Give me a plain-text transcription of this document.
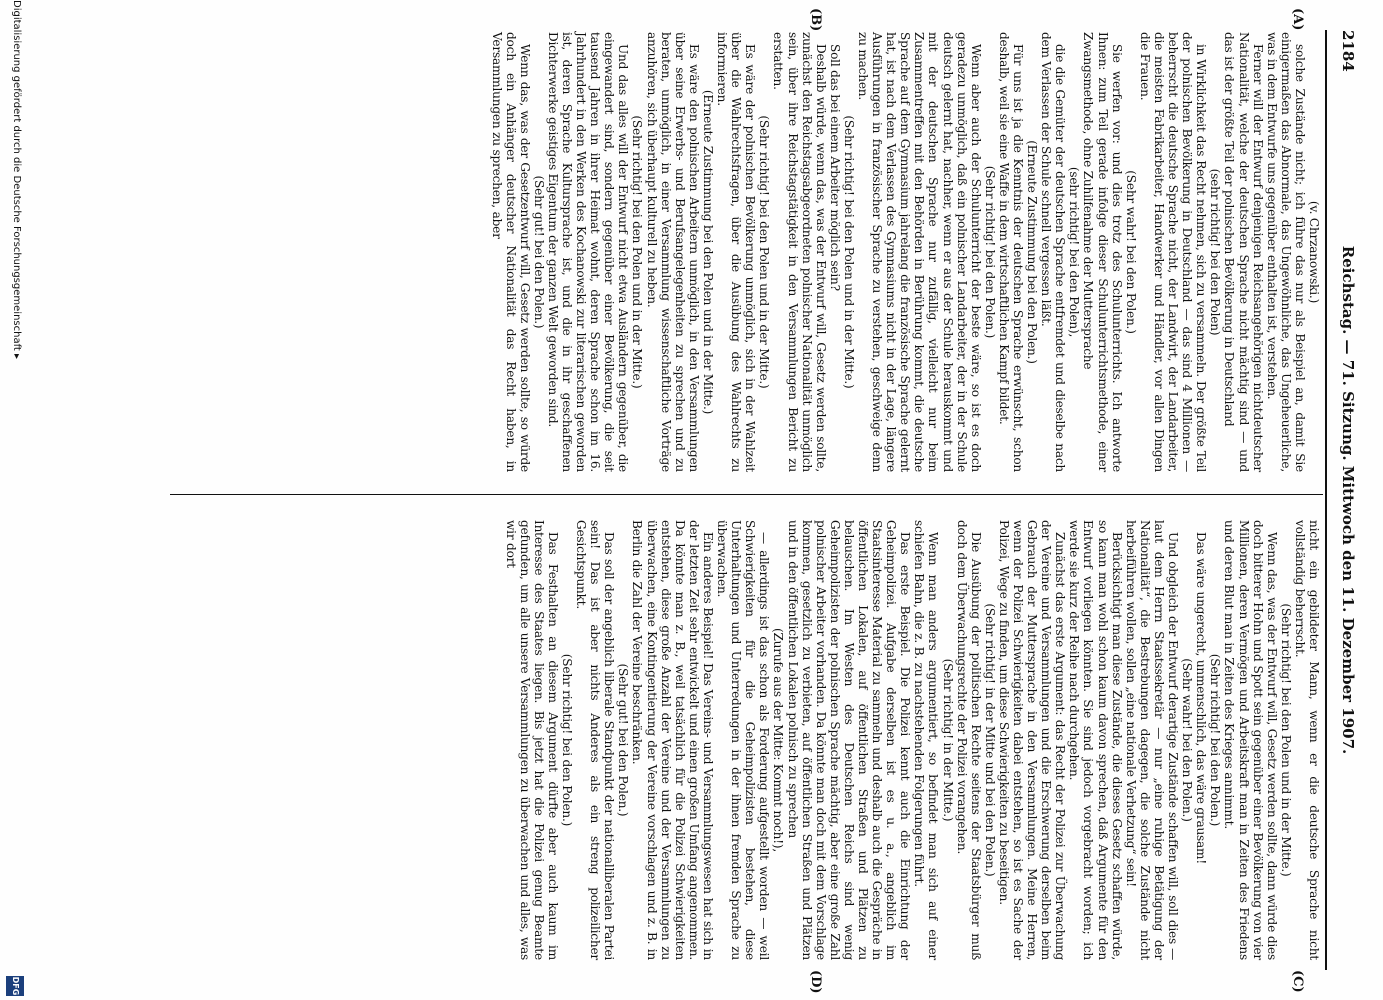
2184
Reichstag. — 71. Sitzung. Mittwoch den 11. Dezember 1907.
(A)
(B)
(C)
(D)

(v. Chrzanowski.)

solche Zustände nicht; ich führe das nur als Beispiel an, damit Sie einigermaßen das Abnormale, das Ungewöhnliche, das Ungeheuerliche, was in dem Entwurfe uns gegenüber enthalten ist, verstehen.

Ferner will der Entwurf denjenigen Reichsangehörigen nichtdeutscher Nationalität, welche der deutschen Sprache nicht mächtig sind — und das ist der größte Teil der polnischen Bevölkerung in Deutschland

(sehr richtig! bei den Polen)

in Wirklichkeit das Recht nehmen, sich zu versammeln. Der größte Teil der polnischen Bevölkerung in Deutschland — das sind 4 Millionen — beherrscht die deutsche Sprache nicht, der Landwirt, der Landarbeiter, die meisten Fabrikarbeiter, Handwerker und Händler, vor allen Dingen die Frauen.

(Sehr wahr! bei den Polen.)

Sie werfen vor: und dies trotz des Schulunterrichts. Ich antworte Ihnen: zum Teil gerade infolge dieser Schulunterrichtsmethode, einer Zwangsmethode, ohne Zuhilfenahme der Muttersprache

(sehr richtig! bei den Polen),

die die Gemüter der deutschen Sprache entfremdet und dieselbe nach dem Verlassen der Schule schnell vergessen läßt.

(Erneute Zustimmung bei den Polen.)

Für uns ist ja die Kenntnis der deutschen Sprache erwünscht, schon deshalb, weil sie eine Waffe in dem wirtschaftlichen Kampf bildet.

(Sehr richtig! bei den Polen.)

Wenn aber auch der Schulunterricht der beste wäre, so ist es doch geradezu unmöglich, daß ein polnischer Landarbeiter, der in der Schule deutsch gelernt hat, nachher, wenn er aus der Schule herauskommt und mit der deutschen Sprache nur zufällig, vielleicht nur beim Zusammentreffen mit den Behörden in Berührung kommt, die deutsche Sprache auf dem Gymnasium jahrelang die französische Sprache gelernt hat, ist nach dem Verlassen des Gymnasiums nicht in der Lage, längere Ausführungen in französischer Sprache zu verstehen, geschweige denn zu machen.

(Sehr richtig! bei den Polen und in der Mitte.)

Soll das bei einem Arbeiter möglich sein?

Deshalb würde, wenn das, was der Entwurf will, Gesetz werden sollte, zunächst den Reichstagsabgeordneten polnischer Nationalität unmöglich sein, über ihre Reichstagstätigkeit in den Versammlungen Bericht zu erstatten.

(Sehr richtig! bei den Polen und in der Mitte.)

Es wäre der polnischen Bevölkerung unmöglich, sich in der Wahlzeit über die Wahlrechtsfragen, über die Ausübung des Wahlrechts zu informieren.

(Erneute Zustimmung bei den Polen und in der Mitte.)

Es wäre den polnischen Arbeitern unmöglich, in den Versammlungen über seine Erwerbs- und Berufsangelegenheiten zu sprechen und zu beraten, unmöglich, in einer Versammlung wissenschaftliche Vorträge anzuhören, sich überhaupt kulturell zu heben.

(Sehr richtig! bei den Polen und in der Mitte.)

Und das alles will der Entwurf nicht etwa Ausländern gegenüber, die eingewandert sind, sondern gegenüber einer Bevölkerung, die seit tausend Jahren in ihrer Heimat wohnt, deren Sprache schon im 16. Jahrhundert in den Werken des Kochanowski zur literarischen geworden ist, deren Sprache Kultursprache ist, und die in ihr geschaffenen Dichterwerke geistiges Eigentum der ganzen Welt geworden sind.

(Sehr gut! bei den Polen.)

Wenn das, was der Gesetzentwurf will, Gesetz werden sollte, so würde doch ein Anhänger deutscher Nationalität das Recht haben, in Versammlungen zu sprechen, aber

nicht ein gebildeter Mann, wenn er die deutsche Sprache nicht vollständig beherrscht.

(Sehr richtig! bei den Polen und in der Mitte.)

Wenn das, was der Entwurf will, Gesetz werden sollte, dann würde dies doch bitterer Hohn und Spott sein gegenüber einer Bevölkerung von vier Millionen, deren Vermögen und Arbeitskraft man in Zeiten des Friedens und deren Blut man in Zeiten des Krieges annimmt.

(Sehr richtig! bei den Polen.)

Das wäre ungerecht, unmenschlich, das wäre grausam!

(Sehr wahr! bei den Polen.)

Und obgleich der Entwurf derartige Zustände schaffen will, soll dies — laut dem Herrn Staatssekretär — nur „eine ruhige Betätigung der Nationalität“, die Bestrebungen dagegen, die solche Zustände nicht herbeiführen wollen, sollen „eine nationale Verhetzung“ sein!

Berücksichtigt man diese Zustände, die dieses Gesetz schaffen würde, so kann man wohl schon kaum davon sprechen, daß Argumente für den Entwurf vorliegen könnten. Sie sind jedoch vorgebracht worden; ich werde sie kurz der Reihe nach durchgehen.

Zunächst das erste Argument: das Recht der Polizei zur Überwachung der Vereine und Versammlungen und die Erschwerung derselben beim Gebrauch der Muttersprache in den Versammlungen. Meine Herren, wenn der Polizei Schwierigkeiten dabei entstehen, so ist es Sache der Polizei, Wege zu finden, um diese Schwierigkeiten zu beseitigen.

(Sehr richtig! in der Mitte und bei den Polen.)

Die Ausübung der politischen Rechte seitens der Staatsbürger muß doch dem Überwachungsrechte der Polizei vorangehen.

(Sehr richtig! in der Mitte.)

Wenn man anders argumentiert, so befindet man sich auf einer schiefen Bahn, die z. B. zu nachstehenden Folgerungen führt.

Das erste Beispiel. Die Polizei kennt auch die Einrichtung der Geheimpolizei. Aufgabe derselben ist es u. a., angeblich im Staatsinteresse Material zu sammeln und deshalb auch die Gespräche in öffentlichen Lokalen, auf öffentlichen Straßen und Plätzen zu belauschen. Im Westen des Deutschen Reichs sind wenig Geheimpolizisten der polnischen Sprache mächtig, aber eine große Zahl polnischer Arbeiter vorhanden. Da könnte man doch mit dem Vorschlage kommen, gesetzlich zu verbieten, auf öffentlichen Straßen und Plätzen und in den öffentlichen Lokalen polnisch zu sprechen

(Zurufe aus der Mitte: Kommt noch!),

— allerdings ist das schon als Forderung aufgestellt worden — weil Schwierigkeiten für die Geheimpolizisten bestehen, diese Unterhaltungen und Unterredungen in der ihnen fremden Sprache zu überwachen.

Ein anderes Beispiel! Das Vereins- und Versammlungswesen hat sich in der letzten Zeit sehr entwickelt und einen großen Umfang angenommen. Da könnte man z. B., weil tatsächlich für die Polizei Schwierigkeiten entstehen, diese große Anzahl der Vereine und der Versammlungen zu überwachen, eine Kontingentierung der Vereine vorschlagen und z. B. in Berlin die Zahl der Vereine beschränken.

(Sehr gut! bei den Polen.)

Das soll der angeblich liberale Standpunkt der nationalliberalen Partei sein! Das ist aber nichts Anderes als ein streng polizeilicher Gesichtspunkt.

(Sehr richtig! bei den Polen.)

Das Festhalten an diesem Argument dürfte aber auch kaum im Interesse des Staates liegen. Bis jetzt hat die Polizei genug Beamte gefunden, um alle unsere Versammlungen zu überwachen und alles, was wir dort

Digitalisierung gefördert durch die Deutsche Forschungsgemeinschaft ▸
DFG
